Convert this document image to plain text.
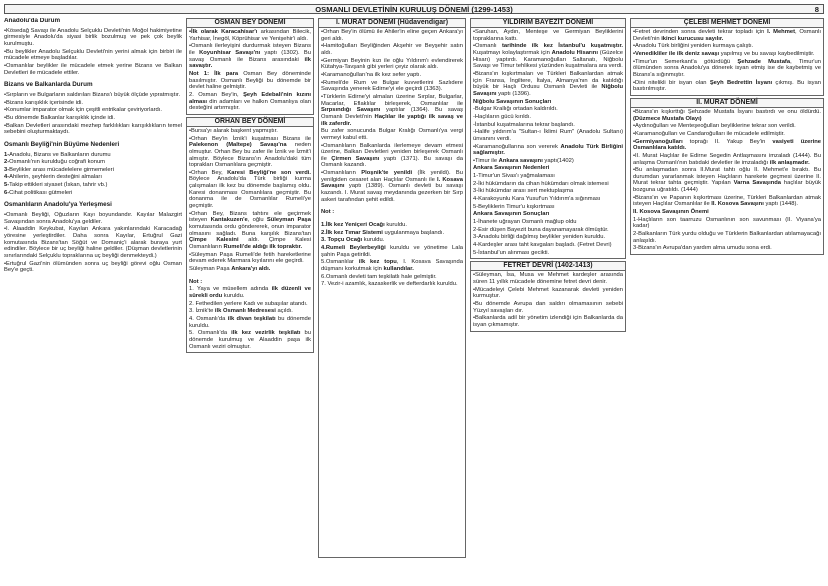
OSMANLI DEVLETİNİN KURULUŞ DÖNEMİ (1299-1453)	8
Anadolu'da Durum
•Kösedağ Savaşı ile Anadolu Selçuklu Devleti'nin Moğol hakimiyetine girmesiyle Anadolu'da siyasi birlik bozulmuş ve pek çok beylik kurulmuştu.
•Bu beylikler Anadolu Selçuklu Devleti'nin yerini almak için birbiri ile mücadele etmeye başladılar.
•Osmanlılar beylikler ile mücadele etmek yerine Bizans ve Balkan Devletleri ile mücadele ettiler.
Bizans ve Balkanlarda Durum
•Sırpların ve Bulgarların saldırıları Bizans'ı büyük ölçüde yıpratmıştır.
•Bizans karışıklık içerisinde idi.
•Konumlar imparator olmak için çeşitli entrikalar çeviriyorlardı.
•Bu dönemde Balkanlar karışıklık içinde idi.
•Balkan Devletleri arasındaki mezhep farklılıkları karışıklıkların temel sebebini oluşturmaktaydı.
Osmanlı Beyliği'nin Büyüme Nedenleri
1-Anadolu, Bizans ve Balkanların durumu
2-Osmanlı'nın kurulduğu coğrafi konum
3-Beylikler arası mücadelelere girmemeleri
4-Ahilerin, şeyhlerin desteğini almaları
5-Takip ettikleri siyaset (İskan, tahrir vb.)
6-Cihat politikası gütmeleri
Osmanlıların Anadolu'ya Yerleşmesi
•Osmanlı Beyliği, Oğuzların Kayı boyundandır. Kayılar Malazgirt Savaşından sonra Anadolu'ya geldiler.
•I. Alaaddin Keykubat, Kayıları Ankara yakınlarındaki Karacadağ yöresine yerleştirdiler. Daha sonra Kayılar, Ertuğrul Gazi komutasında Bizans'tan Söğüt ve Domaniç'i alarak buraya yurt edindiler. Böylece bir uç beyliği haline geldiler. (Düşman devletlerinin sınırlarındaki Selçuklu topraklarına uç beyliği denmekteydi.)
•Ertuğrul Gazi'nin ölümünden sonra uç beyliği görevi oğlu Osman Bey'e geçti.
OSMAN BEY DÖNEMİ
•İlk olarak Karacahisar'ı arkasından Bilecik, Yarhisar, İnegöl, Köprühisar ve Yenişehir'i aldı.
•Osmanlı ilerleyişini durdurmak isteyen Bizans ile Koyunhisar Savaşı'nı yaptı (1302). Bu savaş Osmanlı ile Bizans arasındaki ilk savaştır.
Not 1: İlk para Osman Bey döneminde basılmıştır. Osmanlı Beyliği bu dönemde bir devlet haline gelmiştir.
2. Osman Bey'in, Şeyh Edebali'nin kızını alması din adamları ve halkın Osmanlıya olan desteğini artırmıştır.
ORHAN BEY DÖNEMİ
•Bursa'yı alarak başkent yapmıştır.
•Orhan Bey'in İznik'i kuşatması Bizans ile Palekenon (Maltepe) Savaşı'na neden olmuştur. Orhan Bey bu zafer ile İznik ve İzmit'i almıştır. Böylece Bizans'ın Anadolu'daki tüm toprakları Osmanlılara geçmiştir.
•Orhan Bey, Karesi Beyliği'ne son verdi. Böylece Anadolu'da Türk birliği kurma çalışmaları ilk kez bu dönemde başlamış oldu. Karesi donanması Osmanlılara geçmiştir. Bu donanma ile de Osmanlılar Rumeli'ye geçmiştir.
•Orhan Bey, Bizans tahtını ele geçirmek isteyen Kantakuzen'e, oğlu Süleyman Paşa komutasında ordu göndererek, onun imparator olmasını sağladı. Buna karşılık Bizans'tan Çimpe Kalesini aldı. Çimpe Kalesi Osmanlıların Rumeli'de aldığı ilk topraktır.
•Süleyman Paşa Rumeli'de fetih hareketlerine devam ederek Marmara kıyılarını ele geçirdi.
Süleyman Paşa Ankara'yı aldı.
Not :
1. Yaya ve müsellem adında ilk düzenli ve sürekli ordu kuruldu.
2. Fethedilen yerlere Kadı ve subaşılar atandı.
3. İznik'te ilk Osmanlı Medresesi açıldı.
4. Osmanlı'da ilk divan teşkilatı bu dönemde kuruldu.
5. Osmanlı'da ilk kez vezirlik teşkilatı bu dönemde kurulmuş ve Alaaddin paşa ilk Osmanlı veziri olmuştur.
I. MURAT DÖNEMİ (Hüdavendigar)
•Orhan Bey'in ölümü ile Ahiler'in eline geçen Ankara'yı geri aldı.
•Hamitoğulları Beyliğinden Akşehir ve Beyşehir satın aldı.
•Germiyan Beyinin kızı ile oğlu Yıldırım'ı evlendirerek Kütahya-Tavşanlı gibi yerleri çeyiz olarak aldı.
•Karamanoğulları'na ilk kez sefer yaptı.
•Rumeli'de Rum ve Bulgar kuvvetlerini Sazlıdere Savaşında yenerek Edirne'yi ele geçirdi (1363).
•Türklerin Edirne'yi almaları üzerine Sırplar, Bulgarlar, Macarlar, Eflaklılar birleşerek, Osmanlılar ile Sırpsındığı Savaşını yaptılar (1364). Bu savaş Osmanlı Devleti'nin Haçlılar ile yaptığı ilk savaş ve ilk zaferdir.
Bu zafer sonucunda Bulgar Kralığı Osmanlı'ya vergi vermeyi kabul etti.
•Osmanlıların Balkanlarda ilerlemeye devam etmesi üzerine, Balkan Devletleri yeniden birleşerek Osmanlı ile Çirmen Savaşını yaptı (1371). Bu savaşı da Osmanlı kazandı.
•Osmanlıların Ploşnik'te yenildi (İlk yenildi). Bu yenilgiden cesaret alan Haçlılar Osmanlı ile I. Kosava Savaşını yaptı (1389). Osmanlı devleti bu savaşı kazandı. I. Murat savaş meydanında gezerken bir Sırp askeri tarafından şehit edildi.
Not :
1.İlk kez Yeniçeri Ocağı kuruldu.
2.İlk kez Tımar Sistemi uygulanmaya başlandı.
3. Topçu Ocağı kuruldu.
4.Rumeli Beylerbeyliği kuruldu ve yönetime Lala şahin Paşa getirildi.
5.Osmanlılar ilk kez topu, I. Kosava Savaşında düşmanı korkutmak için kullandılar.
6.Osmanlı devleti tam teşkilatlı hale gelmiştir.
7. Vezir-i azamlık, kazaskerlik ve defterdarlık kuruldu.
YILDIRIM BAYEZİT DÖNEMİ
•Saruhan, Aydın, Menteşe ve Germiyan Beyliklerini topraklarına kattı.
•Osmanlı tarihinde ilk kez İstanbul'u kuşatmıştır. Kuşatmayı kolaylaştırmak için Anadolu Hisarını (Güzelce Hisarı) yaptırdı. Karamanoğulları Saltanatı, Niğbolu Savaşı ve Timur tehlikesi yüzünden kuşatmalara ara verdi.
•Bizans'ın kışkırtmaları ve Türkleri Balkanlardan atmak için Fransa, İngiltere, İtalya, Almanya'nın da katıldığı büyük bir Haçlı Ordusu Osmanlı Devleti ile Niğbolu Savaşını yaptı (1396).
Niğbolu Savaşının Sonuçları
-Bulgar Krallığı ortadan kaldırıldı.
-Haçlıların gücü kırıldı.
-İstanbul kuşatmalarına tekrar başlandı.
-Halife yıldırım'a "Sultan-ı İklimi Rum" (Anadolu Sultanı) ünvanını verdi.
•Karamanoğullarına son vererek Anadolu Türk Birliğini sağlamıştır.
•Timur ile Ankara savaşını yaptı(1402)
Ankara Savaşının Nedenleri
1-Timur'un Sivas'ı yağmalaması
2-İki hükümdarın da cihan hükümdarı olmak istemesi
3-İki hükümdar arası sert mektuplaşma
4-Karakoyunlu Kara Yusuf'un Yıldırım'a sığınması
5-Beyliklerin Timur'u kışkırtması
Ankara Savaşının Sonuçları
1-İhanete uğrayan Osmanlı mağlup oldu
2-Esir düşen Bayezit buna dayanamayarak ölmüştür.
3-Anadolu birliği dağılmış beylikler yeniden kuruldu.
4-Kardeşler arası taht kavgaları başladı. (Fetret Devri)
5-İstanbul'un alınması gecikti.
FETRET DEVRİ (1402-1413)
•Süleyman, İsa, Musa ve Mehmet kardeşler arasında süren 11 yıllık mücadele dönemine fetret devri denir.
•Mücadeleyi Çelebi Mehmet kazanarak devleti yeniden kurmuştur.
•Bu dönemde Avrupa dan saldırı olmamasının sebebi Yüzyıl savaşları dır.
•Balkanlarda adil bir yönetim izlendiği için Balkanlarda da isyan çıkmamıştır.
ÇELEBİ MEHMET DÖNEMİ
•Fetret devrinden sonra devleti tekrar topladı için I. Mehmet, Osmanlı Devleti'nin ikinci kurucusu sayılır.
•Anadolu Türk birliğini yeniden kurmaya çalıştı.
•Venedikliler ile ilk deniz savaşı yapılmış ve bu savaşı kaybedilmiştir.
•Timur'un Semerkant'a götürdüğü Şehzade Mustafa, Timur'un ölümünden sonra Anadolu'ya dönerek isyan etmiş ise de kaybetmiş ve Bizans'a sığınmıştır.
•Dini nitelikli bir isyan olan Şeyh Bedrettin İsyanı çıkmış. Bu isyan bastırılmıştır.
II. MURAT DÖNEMİ
•Bizans'ın kışkırttığı Şehzade Mustafa İsyanı bastırdı ve onu öldürdü. (Düzmece Mustafa Olayı)
•Aydınoğulları ve Menteşeoğulları beyliklerine tekrar son verildi.
•Karamanoğulları ve Candaroğulları ile mücadele edilmiştir.
•Germiyanoğulları toprağı II. Yakup Bey'in vasiyeti üzerine Osmanlılara katıldı.
•II. Murat Haçlılar ile Edirne Segedin Antlaşmasını imzaladı (1444). Bu anlaşma Osmanlı'nın batıdaki devletler ile imzaladığı ilk anlaşmadır.
•Bu anlaşmadan sonra II.Murat tahtı oğlu II. Mehmet'e bıraktı. Bu durumdan yararlanmak isteyen Haçlıların harekete geçmesi üzerine II. Murat tekrar tahta geçmiştir. Yapılan Varna Savaşında haçlılar büyük bozguna uğratıldı. (1444)
•Bizans'ın ve Papanın kışkırtması üzerine, Türkleri Balkanlardan atmak isteyen Haçlılar Osmanlılar ile II. Kosova Savaşını yaptı (1448).
II. Kosova Savaşının Önemi
1-Haçlıların son taarruzu Osmanlının son savunması (II. Viyana'ya kadar)
2-Balkanların Türk yurdu olduğu ve Türklerin Balkanlardan atılamayacağı anlaşıldı.
3-Bizans'ın Avrupa'dan yardım alma umudu sona erdi.
